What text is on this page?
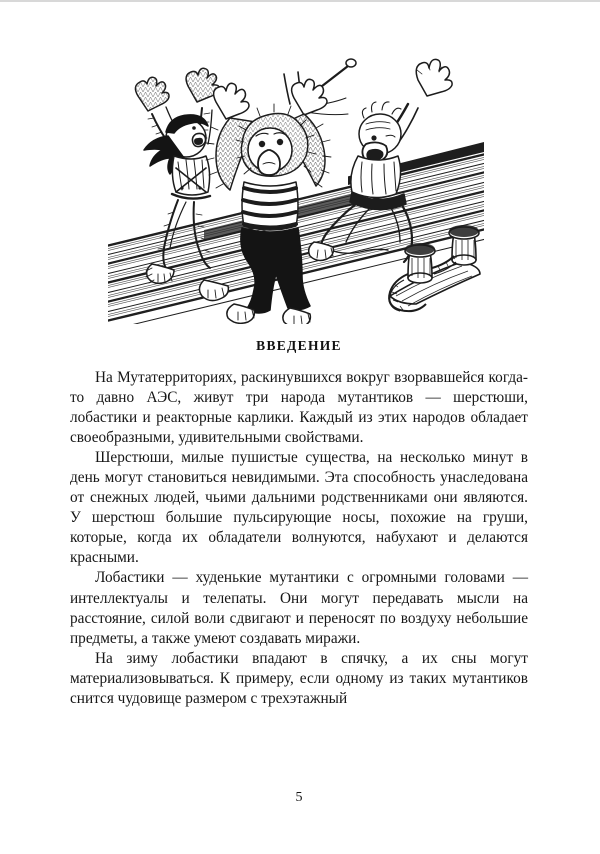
ВВЕДЕНИЕ

На Мутатерриториях, раскинувшихся вокруг взорвавшейся когда-то давно АЭС, живут три народа мутантиков — шерстюши, лобастики и реакторные карлики. Каждый из этих народов обладает своеобразными, удивительными свойствами.

Шерстюши, милые пушистые существа, на несколько минут в день могут становиться невидимыми. Эта способность унаследована от снежных людей, чьими дальними родственниками они являются. У шерстюш большие пульсирующие носы, похожие на груши, которые, когда их обладатели волнуются, набухают и делаются красными.

Лобастики — худенькие мутантики с огромными головами — интеллектуалы и телепаты. Они могут передавать мысли на расстояние, силой воли сдвигают и переносят по воздуху небольшие предметы, а также умеют создавать миражи.

На зиму лобастики впадают в спячку, а их сны могут материализовываться. К примеру, если одному из таких мутантиков снится чудовище размером с трехэтажный

5
